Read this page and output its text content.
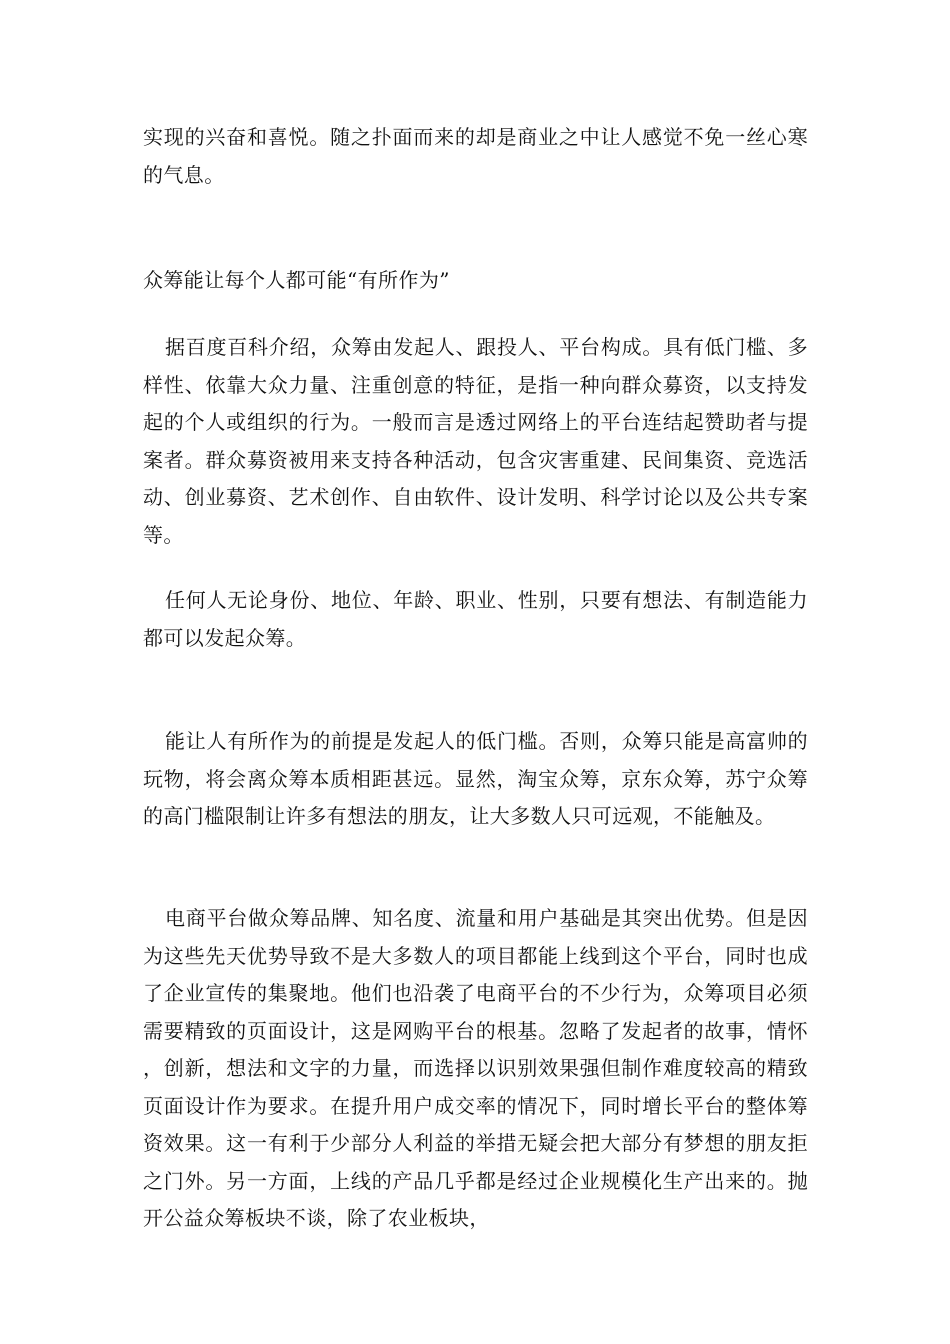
实现的兴奋和喜悦。随之扑面而来的却是商业之中让人感觉不免一丝心寒的气息。

众筹能让每个人都可能“有所作为”

据百度百科介绍，众筹由发起人、跟投人、平台构成。具有低门槛、多样性、依靠大众力量、注重创意的特征，是指一种向群众募资，以支持发起的个人或组织的行为。一般而言是透过网络上的平台连结起赞助者与提案者。群众募资被用来支持各种活动，包含灾害重建、民间集资、竞选活动、创业募资、艺术创作、自由软件、设计发明、科学讨论以及公共专案等。

任何人无论身份、地位、年龄、职业、性别，只要有想法、有制造能力都可以发起众筹。

能让人有所作为的前提是发起人的低门槛。否则，众筹只能是高富帅的玩物，将会离众筹本质相距甚远。显然，淘宝众筹，京东众筹，苏宁众筹的高门槛限制让许多有想法的朋友，让大多数人只可远观，不能触及。

电商平台做众筹品牌、知名度、流量和用户基础是其突出优势。但是因为这些先天优势导致不是大多数人的项目都能上线到这个平台，同时也成了企业宣传的集聚地。他们也沿袭了电商平台的不少行为，众筹项目必须需要精致的页面设计，这是网购平台的根基。忽略了发起者的故事，情怀，创新，想法和文字的力量，而选择以识别效果强但制作难度较高的精致页面设计作为要求。在提升用户成交率的情况下，同时增长平台的整体筹资效果。这一有利于少部分人利益的举措无疑会把大部分有梦想的朋友拒之门外。另一方面，上线的产品几乎都是经过企业规模化生产出来的。抛开公益众筹板块不谈，除了农业板块，
